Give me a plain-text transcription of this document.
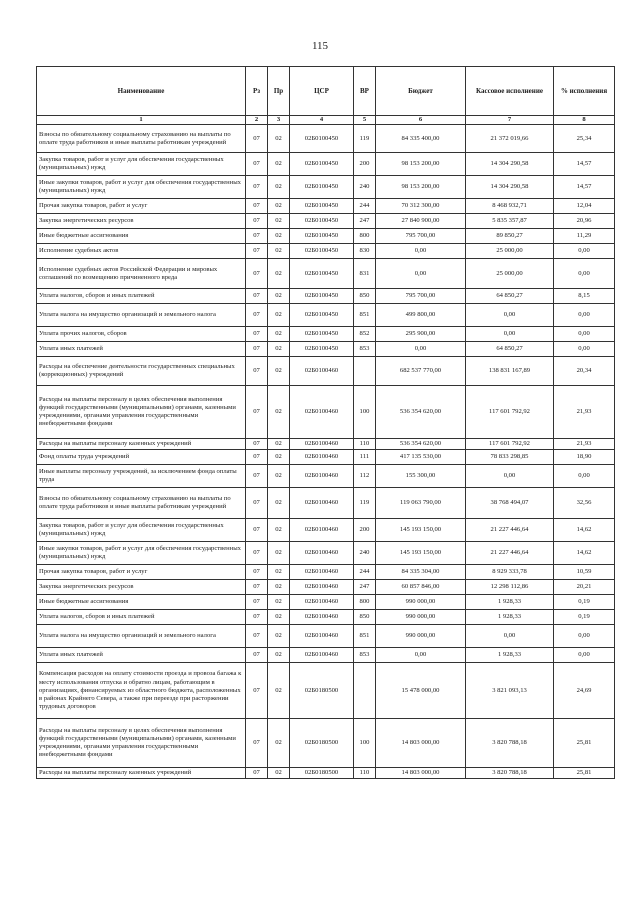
115
Наименование	Рз	Пр	ЦСР	ВР	Бюджет	Кассовое исполнение	% исполнения
1	2	3	4	5	6	7	8
Взносы по обязательному социальному страхованию на выплаты по оплате труда работников и иные выплаты работникам учреждений	07	02	02Б0100450	119	84 335 400,00	21 372 019,66	25,34
Закупка товаров, работ и услуг для обеспечения государственных (муниципальных) нужд	07	02	02Б0100450	200	98 153 200,00	14 304 290,58	14,57
Иные закупки товаров, работ и услуг для обеспечения государственных (муниципальных) нужд	07	02	02Б0100450	240	98 153 200,00	14 304 290,58	14,57
Прочая закупка товаров, работ и услуг	07	02	02Б0100450	244	70 312 300,00	8 468 932,71	12,04
Закупка энергетических ресурсов	07	02	02Б0100450	247	27 840 900,00	5 835 357,87	20,96
Иные бюджетные ассигнования	07	02	02Б0100450	800	795 700,00	89 850,27	11,29
Исполнение судебных актов	07	02	02Б0100450	830	0,00	25 000,00	0,00
Исполнение судебных актов Российской Федерации и мировых соглашений по возмещению причиненного вреда	07	02	02Б0100450	831	0,00	25 000,00	0,00
Уплата налогов, сборов и иных платежей	07	02	02Б0100450	850	795 700,00	64 850,27	8,15
Уплата налога на имущество организаций и земельного налога	07	02	02Б0100450	851	499 800,00	0,00	0,00
Уплата прочих налогов, сборов	07	02	02Б0100450	852	295 900,00	0,00	0,00
Уплата иных платежей	07	02	02Б0100450	853	0,00	64 850,27	0,00
Расходы на обеспечение деятельности государственных специальных (коррекционных) учреждений	07	02	02Б0100460		682 537 770,00	138 831 167,89	20,34
Расходы на выплаты персоналу в целях обеспечения выполнения функций государственными (муниципальными) органами, казенными учреждениями, органами управления государственными внебюджетными фондами	07	02	02Б0100460	100	536 354 620,00	117 601 792,92	21,93
Расходы на выплаты персоналу казенных учреждений	07	02	02Б0100460	110	536 354 620,00	117 601 792,92	21,93
Фонд оплаты труда учреждений	07	02	02Б0100460	111	417 135 530,00	78 833 298,85	18,90
Иные выплаты персоналу учреждений, за исключением фонда оплаты труда	07	02	02Б0100460	112	155 300,00	0,00	0,00
Взносы по обязательному социальному страхованию на выплаты по оплате труда работников и иные выплаты работникам учреждений	07	02	02Б0100460	119	119 063 790,00	38 768 494,07	32,56
Закупка товаров, работ и услуг для обеспечения государственных (муниципальных) нужд	07	02	02Б0100460	200	145 193 150,00	21 227 446,64	14,62
Иные закупки товаров, работ и услуг для обеспечения государственных (муниципальных) нужд	07	02	02Б0100460	240	145 193 150,00	21 227 446,64	14,62
Прочая закупка товаров, работ и услуг	07	02	02Б0100460	244	84 335 304,00	8 929 333,78	10,59
Закупка энергетических ресурсов	07	02	02Б0100460	247	60 857 846,00	12 298 112,86	20,21
Иные бюджетные ассигнования	07	02	02Б0100460	800	990 000,00	1 928,33	0,19
Уплата налогов, сборов и иных платежей	07	02	02Б0100460	850	990 000,00	1 928,33	0,19
Уплата налога на имущество организаций и земельного налога	07	02	02Б0100460	851	990 000,00	0,00	0,00
Уплата иных платежей	07	02	02Б0100460	853	0,00	1 928,33	0,00
Компенсация расходов на оплату стоимости проезда и провоза багажа к месту использования отпуска и обратно лицам, работающим в организациях, финансируемых из областного бюджета, расположенных в районах Крайнего Севера, а также при переезде при расторжении трудовых договоров	07	02	02Б0180500		15 478 000,00	3 821 093,13	24,69
Расходы на выплаты персоналу в целях обеспечения выполнения функций государственными (муниципальными) органами, казенными учреждениями, органами управления государственными внебюджетными фондами	07	02	02Б0180500	100	14 803 000,00	3 820 788,18	25,81
Расходы на выплаты персоналу казенных учреждений	07	02	02Б0180500	110	14 803 000,00	3 820 788,18	25,81
